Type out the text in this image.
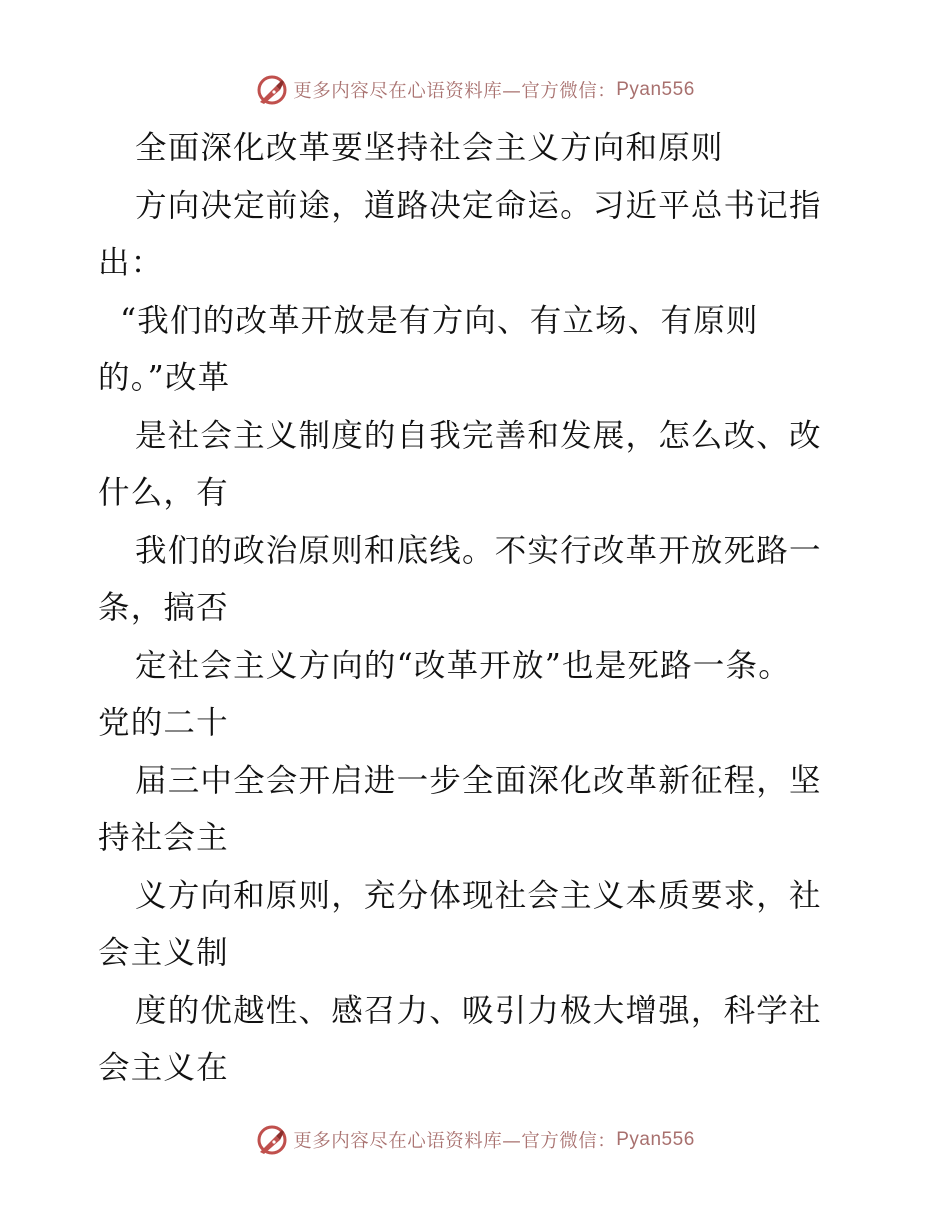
更多内容尽在心语资料库—官方微信： Pyan556
全面深化改革要坚持社会主义方向和原则
方向决定前途，道路决定命运。习近平总书记指
出：
“我们的改革开放是有方向、有立场、有原则
的。”改革
是社会主义制度的自我完善和发展，怎么改、改
什么，有
我们的政治原则和底线。不实行改革开放死路一
条，搞否
定社会主义方向的“改革开放”也是死路一条。
党的二十
届三中全会开启进一步全面深化改革新征程，坚
持社会主
义方向和原则，充分体现社会主义本质要求，社
会主义制
度的优越性、感召力、吸引力极大增强，科学社
会主义在
更多内容尽在心语资料库—官方微信： Pyan556
